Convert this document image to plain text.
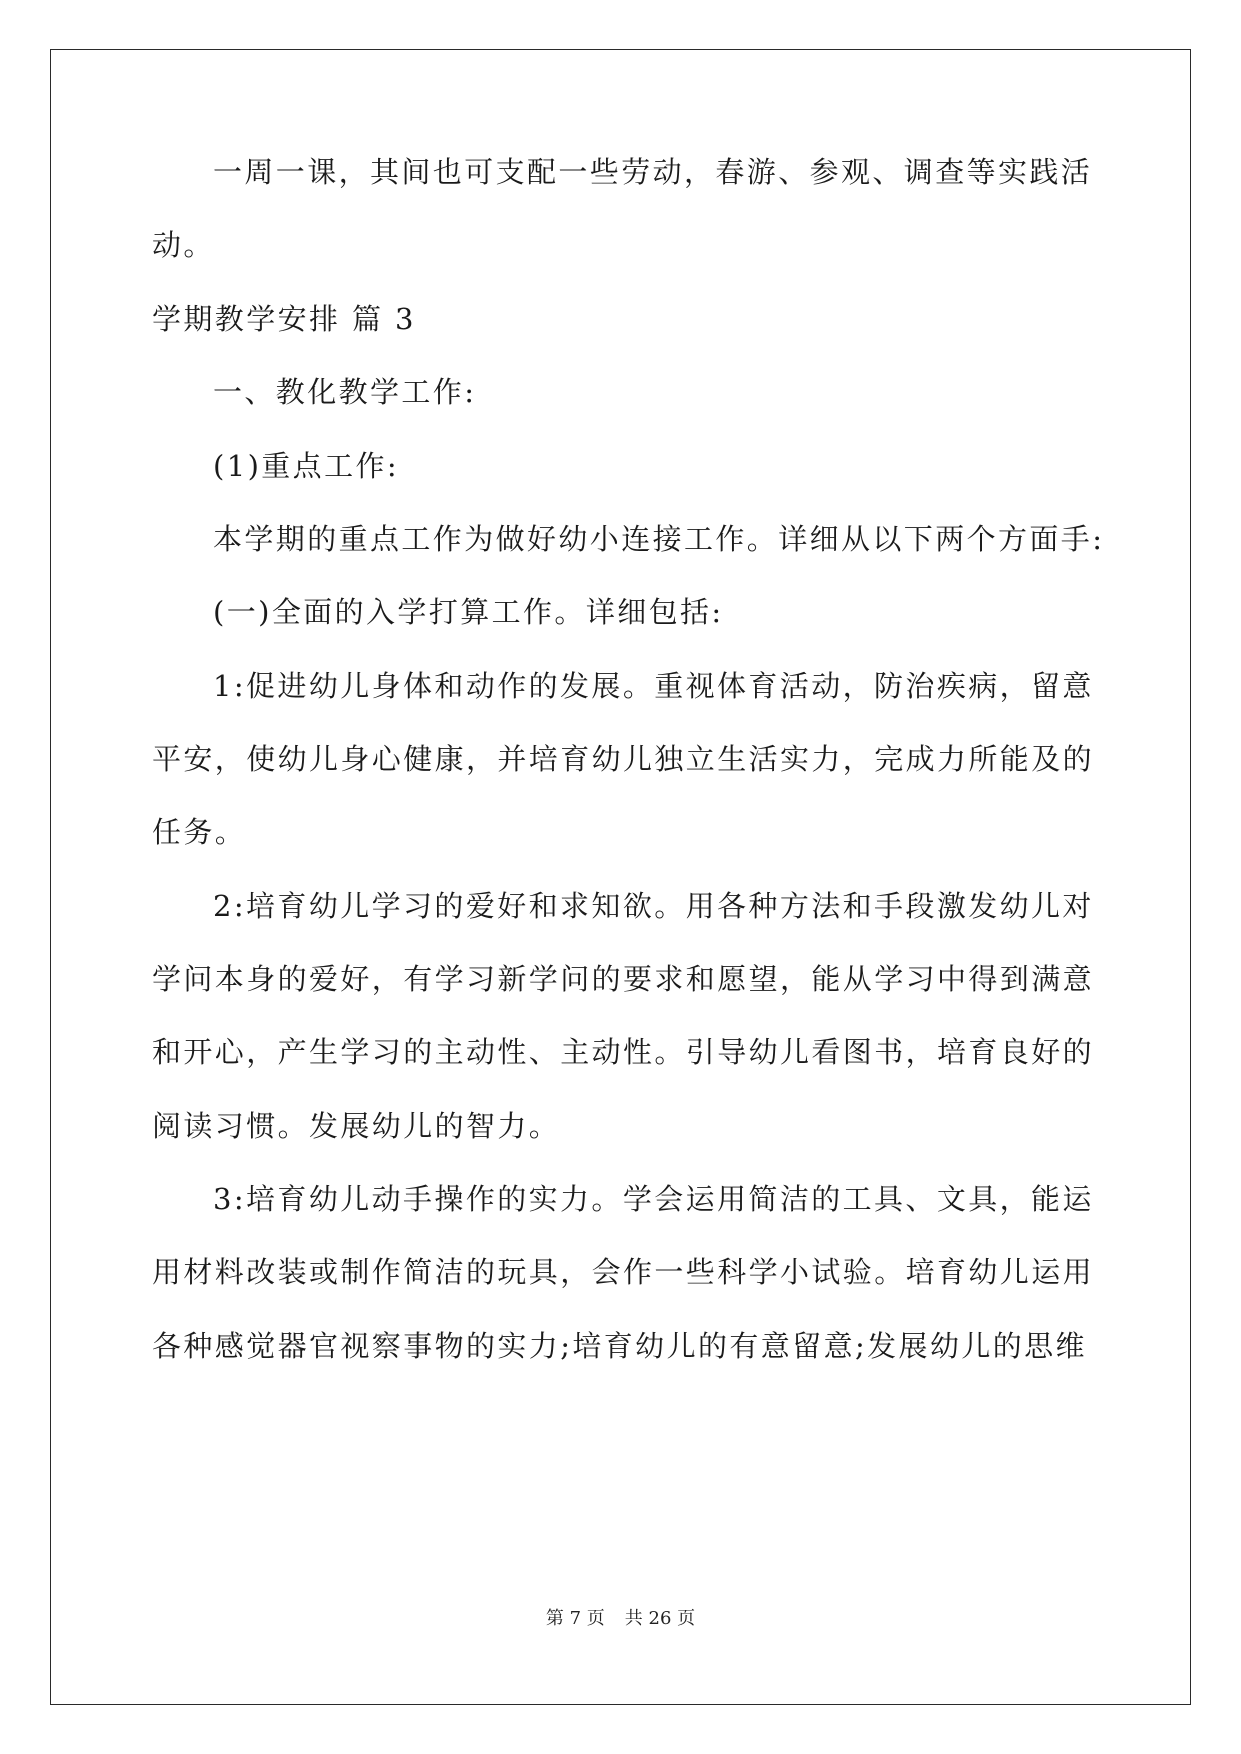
一周一课，其间也可支配一些劳动，春游、参观、调查等实践活
动。
学期教学安排 篇 3
一、教化教学工作:
(1)重点工作:
本学期的重点工作为做好幼小连接工作。详细从以下两个方面手:
(一)全面的入学打算工作。详细包括:
1:促进幼儿身体和动作的发展。重视体育活动，防治疾病，留意
平安，使幼儿身心健康，并培育幼儿独立生活实力，完成力所能及的
任务。
2:培育幼儿学习的爱好和求知欲。用各种方法和手段激发幼儿对
学问本身的爱好，有学习新学问的要求和愿望，能从学习中得到满意
和开心，产生学习的主动性、主动性。引导幼儿看图书，培育良好的
阅读习惯。发展幼儿的智力。
3:培育幼儿动手操作的实力。学会运用简洁的工具、文具，能运
用材料改装或制作简洁的玩具，会作一些科学小试验。培育幼儿运用
各种感觉器官视察事物的实力;培育幼儿的有意留意;发展幼儿的思维
第 7 页 共 26 页
